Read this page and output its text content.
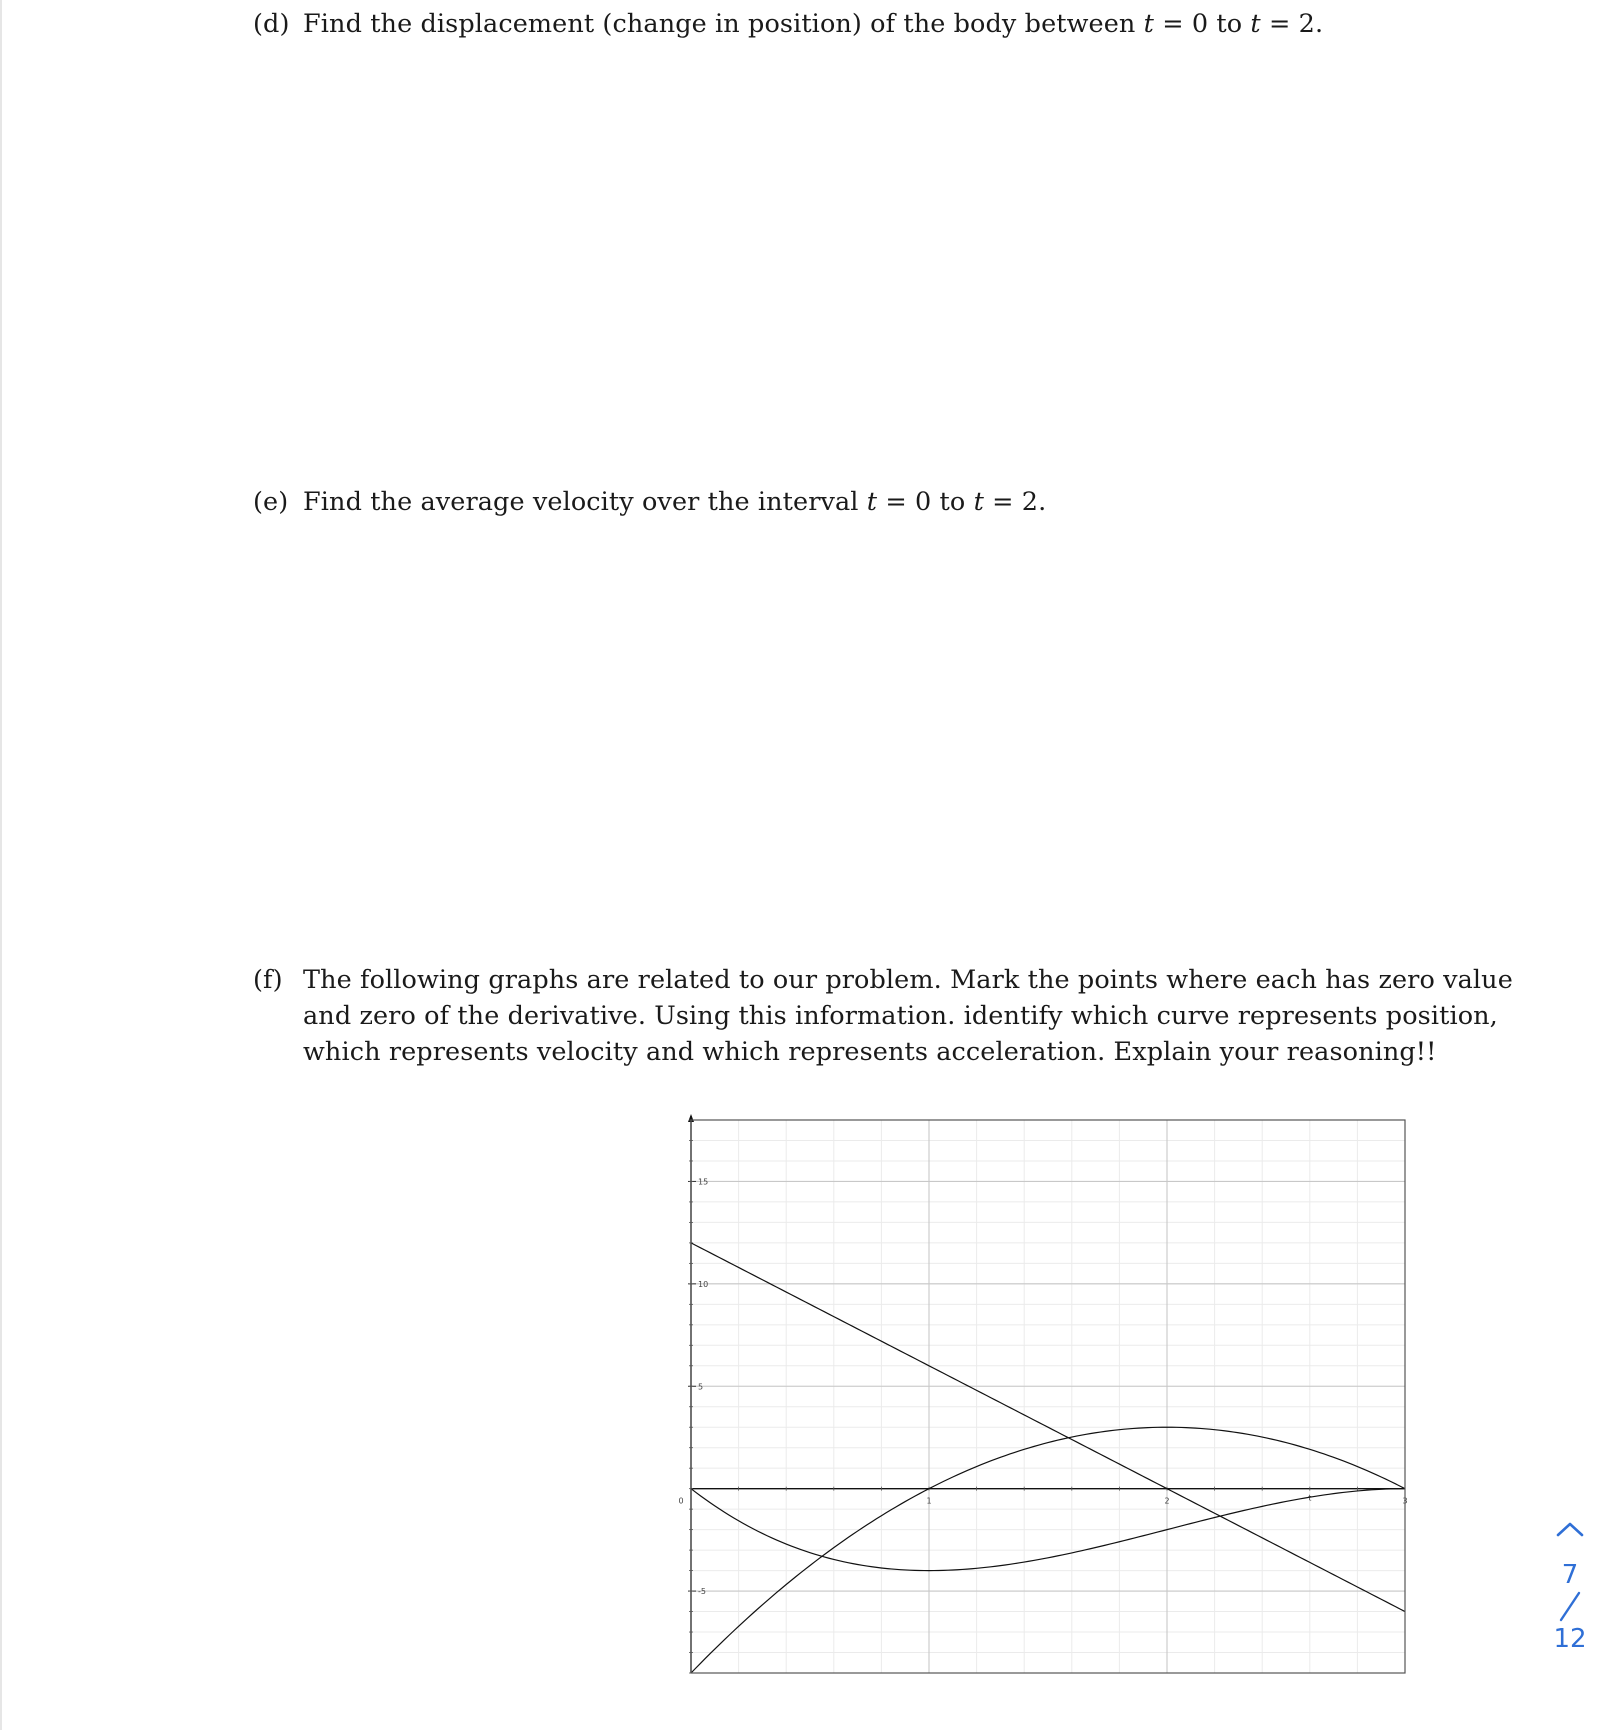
(d) Find the displacement (change in position) of the body between t = 0 to t = 2.
(e) Find the average velocity over the interval t = 0 to t = 2.
(f) The following graphs are related to our problem. Mark the points where each has zero value
and zero of the derivative. Using this information. identify which curve represents position,
which represents velocity and which represents acceleration. Explain your reasoning!!
15
10
5
-5
0	1	2	3
t
7
12
